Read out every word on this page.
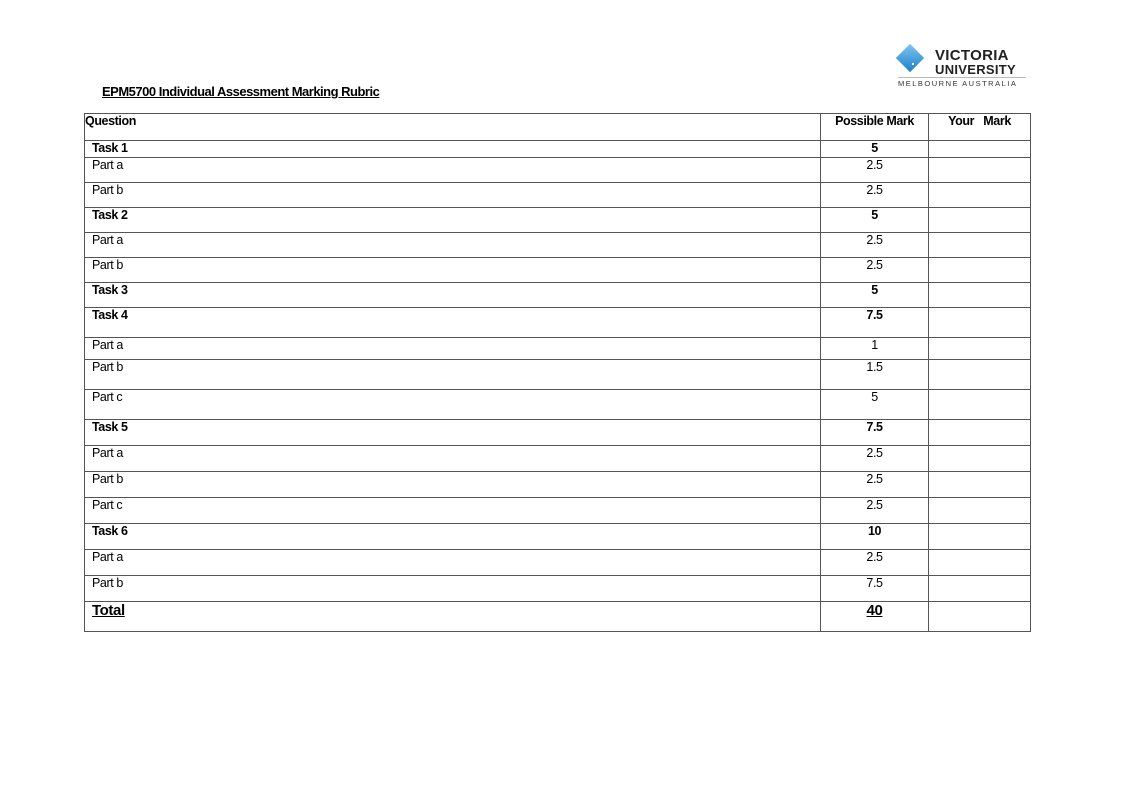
EPM5700 Individual Assessment Marking Rubric
VICTORIA
UNIVERSITY
MELBOURNE AUSTRALIA
Question	Possible Mark	Your   Mark
Task 1	5	
Part a	2.5	
Part b	2.5	
Task 2	5	
Part a	2.5	
Part b	2.5	
Task 3	5	
Task 4	7.5	
Part a	1	
Part b	1.5	
Part c	5	
Task 5	7.5	
Part a	2.5	
Part b	2.5	
Part c	2.5	
Task 6	10	
Part a	2.5	
Part b	7.5	
Total	40	
